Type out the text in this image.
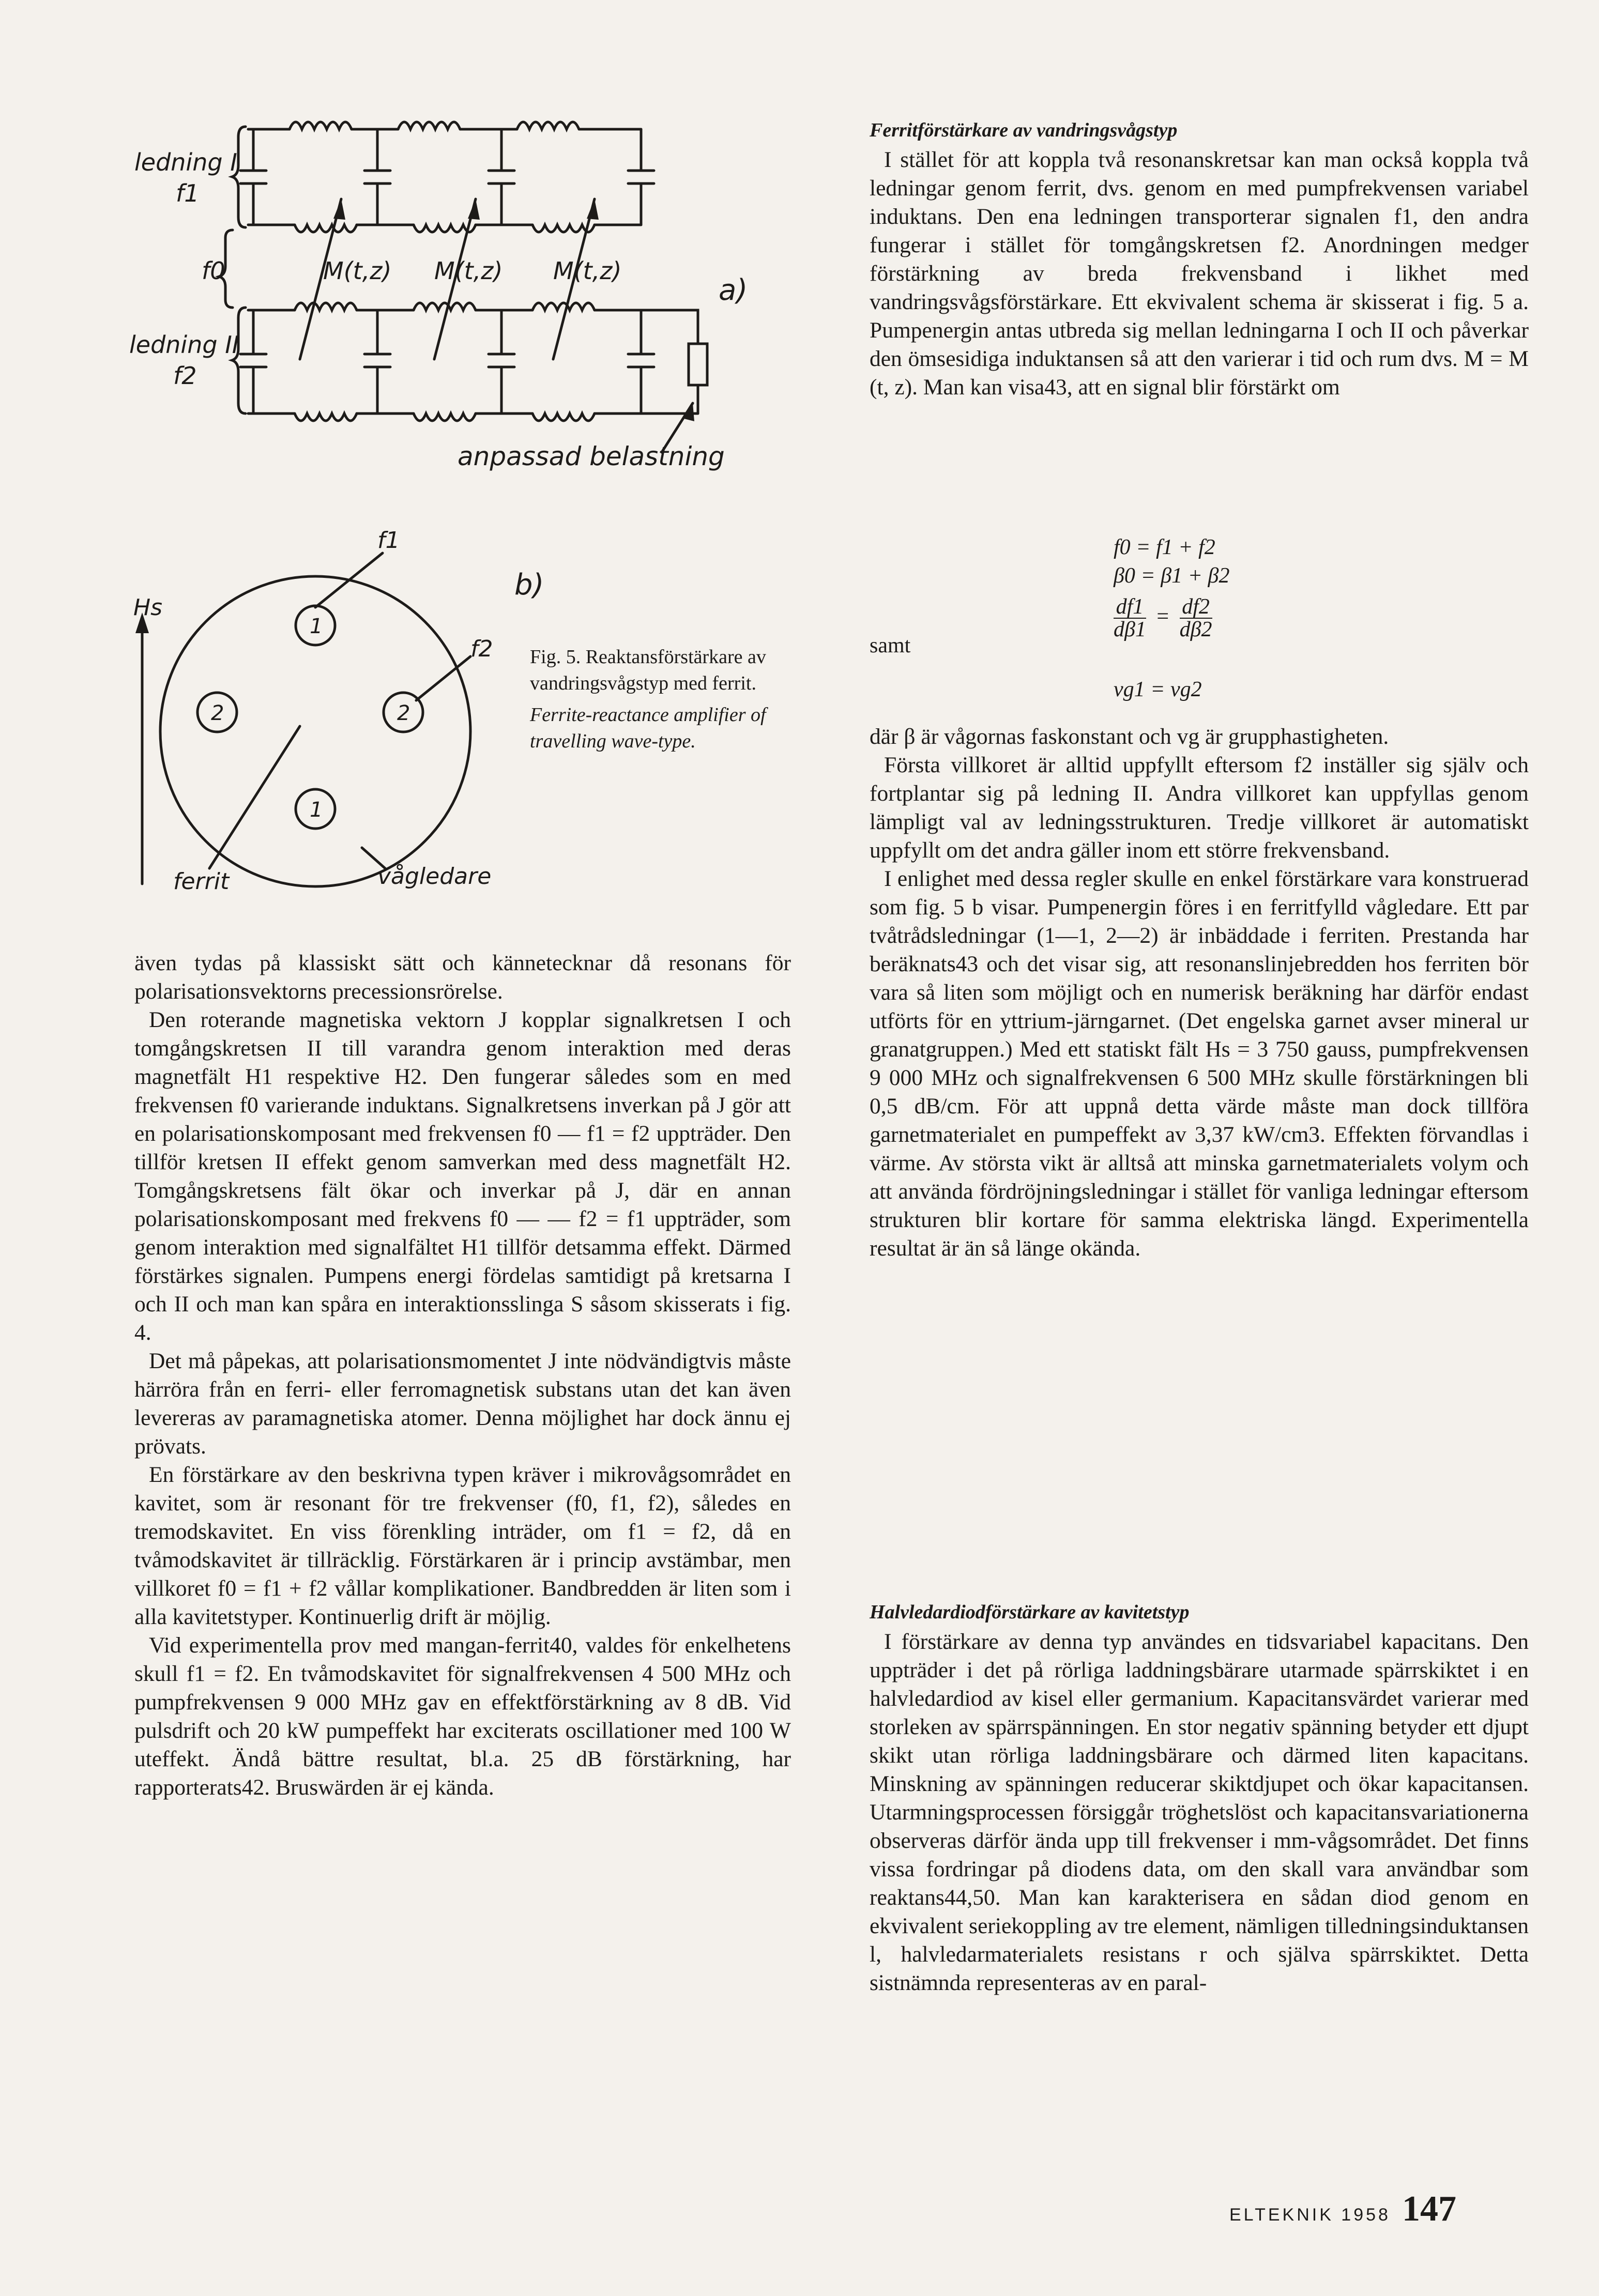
ledning I
f1
f0
ledning II
f2
M(t,z) M(t,z) M(t,z)
a)
anpassad belastning
Hs
f1
f2
1
1
2	2
ferrit	vågledare
b)

Fig. 5. Reaktansförstärkare av vandringsvågstyp med ferrit.

Ferrite-reactance amplifier of travelling wave-type.

även tydas på klassiskt sätt och kännetecknar då resonans för polarisationsvektorns precessionsrörelse.

Den roterande magnetiska vektorn J kopplar signalkretsen I och tomgångskretsen II till varandra genom interaktion med deras magnetfält H1 respektive H2. Den fungerar således som en med frekvensen f0 varierande induktans. Signalkretsens inverkan på J gör att en polarisationskomposant med frekvensen f0 — f1 = f2 uppträder. Den tillför kretsen II effekt genom samverkan med dess magnetfält H2. Tomgångskretsens fält ökar och inverkar på J, där en annan polarisationskomposant med frekvens f0 — — f2 = f1 uppträder, som genom interaktion med signalfältet H1 tillför detsamma effekt. Därmed förstärkes signalen. Pumpens energi fördelas samtidigt på kretsarna I och II och man kan spåra en interaktionsslinga S såsom skisserats i fig. 4.

Det må påpekas, att polarisationsmomentet J inte nödvändigtvis måste härröra från en ferri- eller ferromagnetisk substans utan det kan även levereras av paramagnetiska atomer. Denna möjlighet har dock ännu ej prövats.

En förstärkare av den beskrivna typen kräver i mikrovågsområdet en kavitet, som är resonant för tre frekvenser (f0, f1, f2), således en tremodskavitet. En viss förenkling inträder, om f1 = f2, då en tvåmodskavitet är tillräcklig. Förstärkaren är i princip avstämbar, men villkoret f0 = f1 + f2 vållar komplikationer. Bandbredden är liten som i alla kavitetstyper. Kontinuerlig drift är möjlig.

Vid experimentella prov med mangan-ferrit40, valdes för enkelhetens skull f1 = f2. En tvåmodskavitet för signalfrekvensen 4 500 MHz och pumpfrekvensen 9 000 MHz gav en effektförstärkning av 8 dB. Vid pulsdrift och 20 kW pumpeffekt har exciterats oscillationer med 100 W uteffekt. Ändå bättre resultat, bl.a. 25 dB förstärkning, har rapporterats42. Bruswärden är ej kända.

Ferritförstärkare av vandringsvågstyp

I stället för att koppla två resonanskretsar kan man också koppla två ledningar genom ferrit, dvs. genom en med pumpfrekvensen variabel induktans. Den ena ledningen transporterar signalen f1, den andra fungerar i stället för tomgångskretsen f2. Anordningen medger förstärkning av breda frekvensband i likhet med vandringsvågsförstärkare. Ett ekvivalent schema är skisserat i fig. 5 a. Pumpenergin antas utbreda sig mellan ledningarna I och II och påverkar den ömsesidiga induktansen så att den varierar i tid och rum dvs. M = M (t, z). Man kan visa43, att en signal blir förstärkt om

f0 = f1 + f2
β0 = β1 + β2
$\frac{df1}{d\beta 1} = \frac{df2}{d\beta 2}$
samt
vg1 = vg2

där β är vågornas faskonstant och vg är grupphastigheten.

Första villkoret är alltid uppfyllt eftersom f2 inställer sig själv och fortplantar sig på ledning II. Andra villkoret kan uppfyllas genom lämpligt val av ledningsstrukturen. Tredje villkoret är automatiskt uppfyllt om det andra gäller inom ett större frekvensband.

I enlighet med dessa regler skulle en enkel förstärkare vara konstruerad som fig. 5 b visar. Pumpenergin föres i en ferritfylld vågledare. Ett par tvåtrådsledningar (1—1, 2—2) är inbäddade i ferriten. Prestanda har beräknats43 och det visar sig, att resonanslinjebredden hos ferriten bör vara så liten som möjligt och en numerisk beräkning har därför endast utförts för en yttrium-järngarnet. (Det engelska garnet avser mineral ur granatgruppen.) Med ett statiskt fält Hs = 3 750 gauss, pumpfrekvensen 9 000 MHz och signalfrekvensen 6 500 MHz skulle förstärkningen bli 0,5 dB/cm. För att uppnå detta värde måste man dock tillföra garnetmaterialet en pumpeffekt av 3,37 kW/cm3. Effekten förvandlas i värme. Av största vikt är alltså att minska garnetmaterialets volym och att använda fördröjningsledningar i stället för vanliga ledningar eftersom strukturen blir kortare för samma elektriska längd. Experimentella resultat är än så länge okända.

Halvledardiodförstärkare av kavitetstyp

I förstärkare av denna typ användes en tidsvariabel kapacitans. Den uppträder i det på rörliga laddningsbärare utarmade spärrskiktet i en halvledardiod av kisel eller germanium. Kapacitansvärdet varierar med storleken av spärrspänningen. En stor negativ spänning betyder ett djupt skikt utan rörliga laddningsbärare och därmed liten kapacitans. Minskning av spänningen reducerar skiktdjupet och ökar kapacitansen. Utarmningsprocessen försiggår tröghetslöst och kapacitansvariationerna observeras därför ända upp till frekvenser i mm-vågsområdet. Det finns vissa fordringar på diodens data, om den skall vara användbar som reaktans44,50. Man kan karakterisera en sådan diod genom en ekvivalent seriekoppling av tre element, nämligen tilledningsinduktansen l, halvledarmaterialets resistans r och själva spärrskiktet. Detta sistnämnda representeras av en paral-

ELTEKNIK 1958 147
